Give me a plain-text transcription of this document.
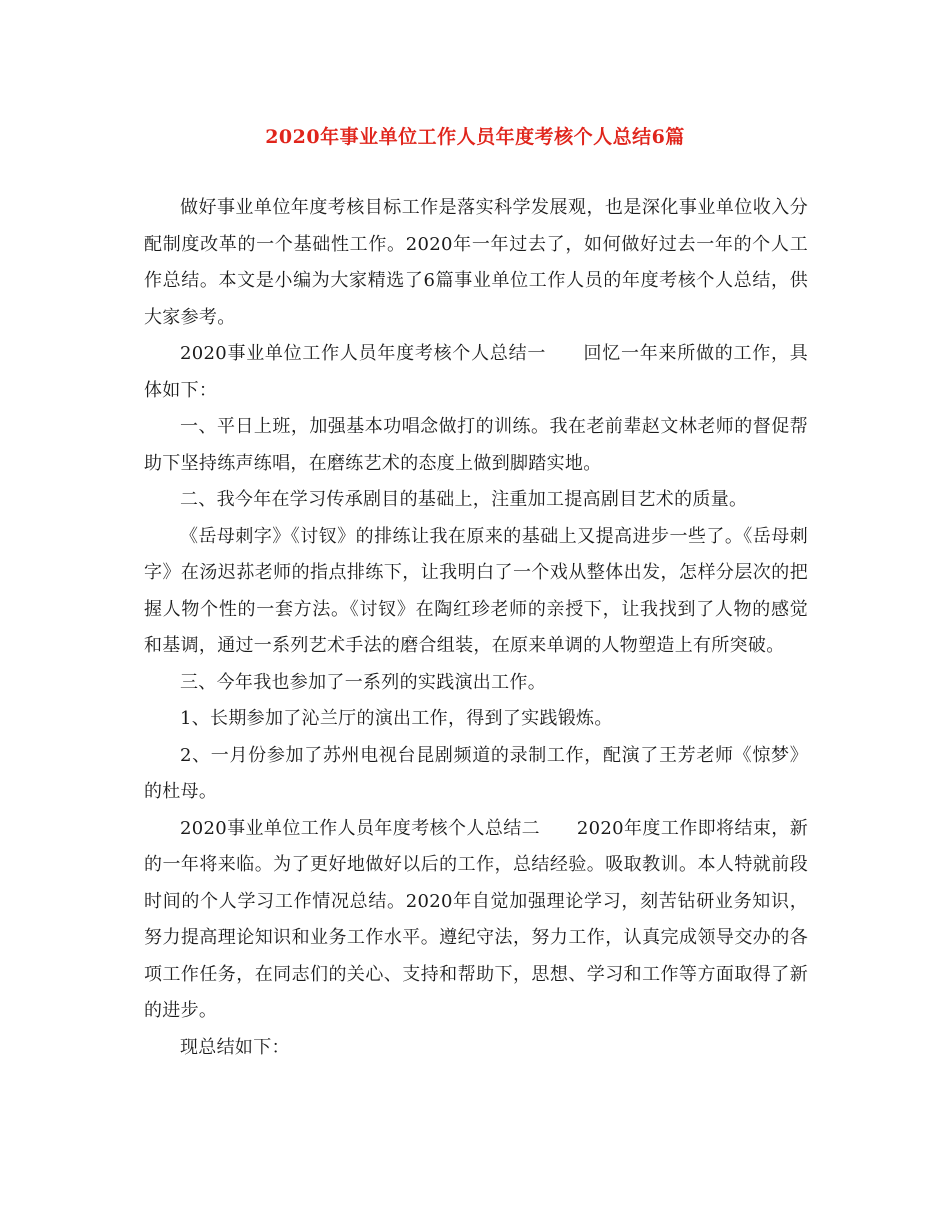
2020年事业单位工作人员年度考核个人总结6篇

做好事业单位年度考核目标工作是落实科学发展观，也是深化事业单位收入分配制度改革的一个基础性工作。2020年一年过去了，如何做好过去一年的个人工作总结。本文是小编为大家精选了6篇事业单位工作人员的年度考核个人总结，供大家参考。

2020事业单位工作人员年度考核个人总结一　　回忆一年来所做的工作，具体如下：

一、平日上班，加强基本功唱念做打的训练。我在老前辈赵文林老师的督促帮助下坚持练声练唱，在磨练艺术的态度上做到脚踏实地。

二、我今年在学习传承剧目的基础上，注重加工提高剧目艺术的质量。

《岳母刺字》《讨钗》的排练让我在原来的基础上又提高进步一些了。《岳母刺字》在汤迟荪老师的指点排练下，让我明白了一个戏从整体出发，怎样分层次的把握人物个性的一套方法。《讨钗》在陶红珍老师的亲授下，让我找到了人物的感觉和基调，通过一系列艺术手法的磨合组装，在原来单调的人物塑造上有所突破。

三、今年我也参加了一系列的实践演出工作。

1、长期参加了沁兰厅的演出工作，得到了实践锻炼。

2、一月份参加了苏州电视台昆剧频道的录制工作，配演了王芳老师《惊梦》的杜母。

2020事业单位工作人员年度考核个人总结二　　2020年度工作即将结束，新的一年将来临。为了更好地做好以后的工作，总结经验。吸取教训。本人特就前段时间的个人学习工作情况总结。2020年自觉加强理论学习，刻苦钻研业务知识，努力提高理论知识和业务工作水平。遵纪守法，努力工作，认真完成领导交办的各项工作任务，在同志们的关心、支持和帮助下，思想、学习和工作等方面取得了新的进步。

现总结如下：
